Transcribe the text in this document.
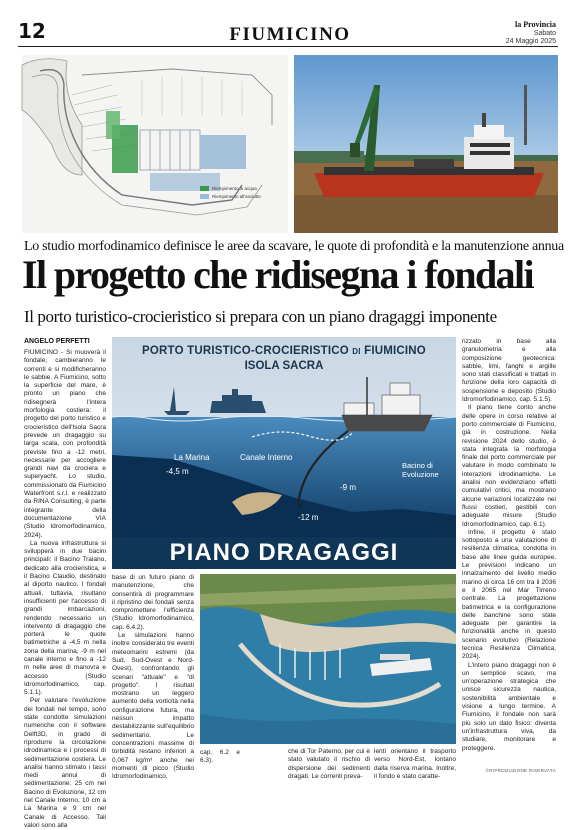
12	FIUMICINO	la Provincia
Sabato
24 Maggio 2025
Riempimento in acqua
Riempimento all'asciutto
Lo studio morfodinamico definisce le aree da scavare, le quote di profondità e la manutenzione annua
Il progetto che ridisegna i fondali
Il porto turistico-crocieristico si prepara con un piano dragaggi imponente
ANGELO PERFETTI

FIUMICINO - Si muoverà il fondale, cambieranno le correnti e si modificheranno le sabbie. A Fiumicino, sotto la superficie del mare, è pronto un piano che ridisegnerà l'intera morfologia costiera: il progetto del porto turistico e crocieristico dell'Isola Sacra prevede un dragaggio su larga scala, con profondità previste fino a -12 metri, necessarie per accogliere grandi navi da crociera e superyacht. Lo studio, commissionato da Fiumicino Waterfront s.r.l. e realizzato da RINA Consulting, è parte integrante della documentazione VIA (Studio Idromorfodinamico, 2024).

La nuova infrastruttura si svilupperà in due bacini principali: il Bacino Traiano, dedicato alla crocieristica, e il Bacino Claudio, destinato al diporto nautico. I fondali attuali, tuttavia, risultano insufficienti per l'accesso di grandi imbarcazioni, rendendo necessario un intervento di dragaggio che porterà le quote batimetriche a -4,5 m nella zona della marina, -9 m nel canale interno e fino a -12 m nelle aree di manovra e accesso (Studio Idromorfodinamico, cap. 5.1.1).

Per valutare l'evoluzione dei fondali nel tempo, sono state condotte simulazioni numeriche con il software Delft3D, in grado di riprodurre la circolazione idrodinamica e i processi di sedimentazione costiera. Le analisi hanno stimato i tassi medi annui di sedimentazione: 25 cm nel Bacino di Evoluzione, 12 cm nel Canale Interno, 10 cm a La Marina e 9 cm nel Canale di Accesso. Tali valori sono alla

PORTO TURISTICO-CROCIERISTICO DI FIUMICINO
ISOLA SACRA
La Marina
-4,5 m
Canale Interno
-9 m
Bacino di Evoluzione
-12 m
PIANO DRAGAGGI

base di un futuro piano di manutenzione, che consentirà di programmare il ripristino dei fondali senza compromettere l'efficienza (Studio Idromorfodinamico, cap. 6.4.2).

Le simulazioni hanno inoltre considerato tre eventi meteomarini estremi (da Sud, Sud-Ovest e Nord-Ovest), confrontando gli scenari "attuale" e "di progetto". I risultati mostrano un leggero aumento della vorticità nella configurazione futura, ma nessun impatto destabilizzante sull'equilibrio sedimentario. Le concentrazioni massime di torbidità restano inferiori a 0,067 kg/m³ anche nei momenti di picco (Studio Idromorfodinamico,

cap. 6.2 e 6.3).

che di Tor Paterno, per cui è stato valutato il rischio di dispersione dei sedimenti dragati. Le correnti preva-

lenti orientano il trasporto verso Nord-Est, lontano dalla riserva marina. Inoltre, il fondo è stato caratte-

rizzato in base alla granulometria e alla composizione geotecnica: sabbie, limi, fanghi e argille sono stati classificati e trattati in funzione della loro capacità di sospensione e deposito (Studio Idromorfodinamico, cap. 5.1.5).

Il piano tiene conto anche delle opere in corso relative al porto commerciale di Fiumicino, già in costruzione. Nella revisione 2024 dello studio, è stata integrata la morfologia finale del porto commerciale per valutare in modo combinato le interazioni idrodinamiche. Le analisi non evidenziano effetti cumulativi critici, ma mostrano alcune variazioni localizzate nei flussi costieri, gestibili con adeguate misure (Studio Idromorfodinamico, cap. 6.1).

Infine, il progetto è stato sottoposto a una valutazione di resilienza climatica, condotta in base alle linee guida europee. Le previsioni indicano un innalzamento del livello medio marino di circa 16 cm tra il 2036 e il 2065 nel Mar Tirreno centrale. La progettazione batimetrica e la configurazione delle banchine sono state adeguate per garantire la funzionalità anche in questo scenario evolutivo (Relazione tecnica Resilienza Climatica, 2024).

L'intero piano dragaggi non è un semplice scavo, ma un'operazione strategica che unisce sicurezza nautica, sostenibilità ambientale e visione a lungo termine. A Fiumicino, il fondale non sarà più solo un dato fisico: diventa un'infrastruttura viva, da studiare, monitorare e proteggere.

©RIPRODUZIONE RISERVATA
